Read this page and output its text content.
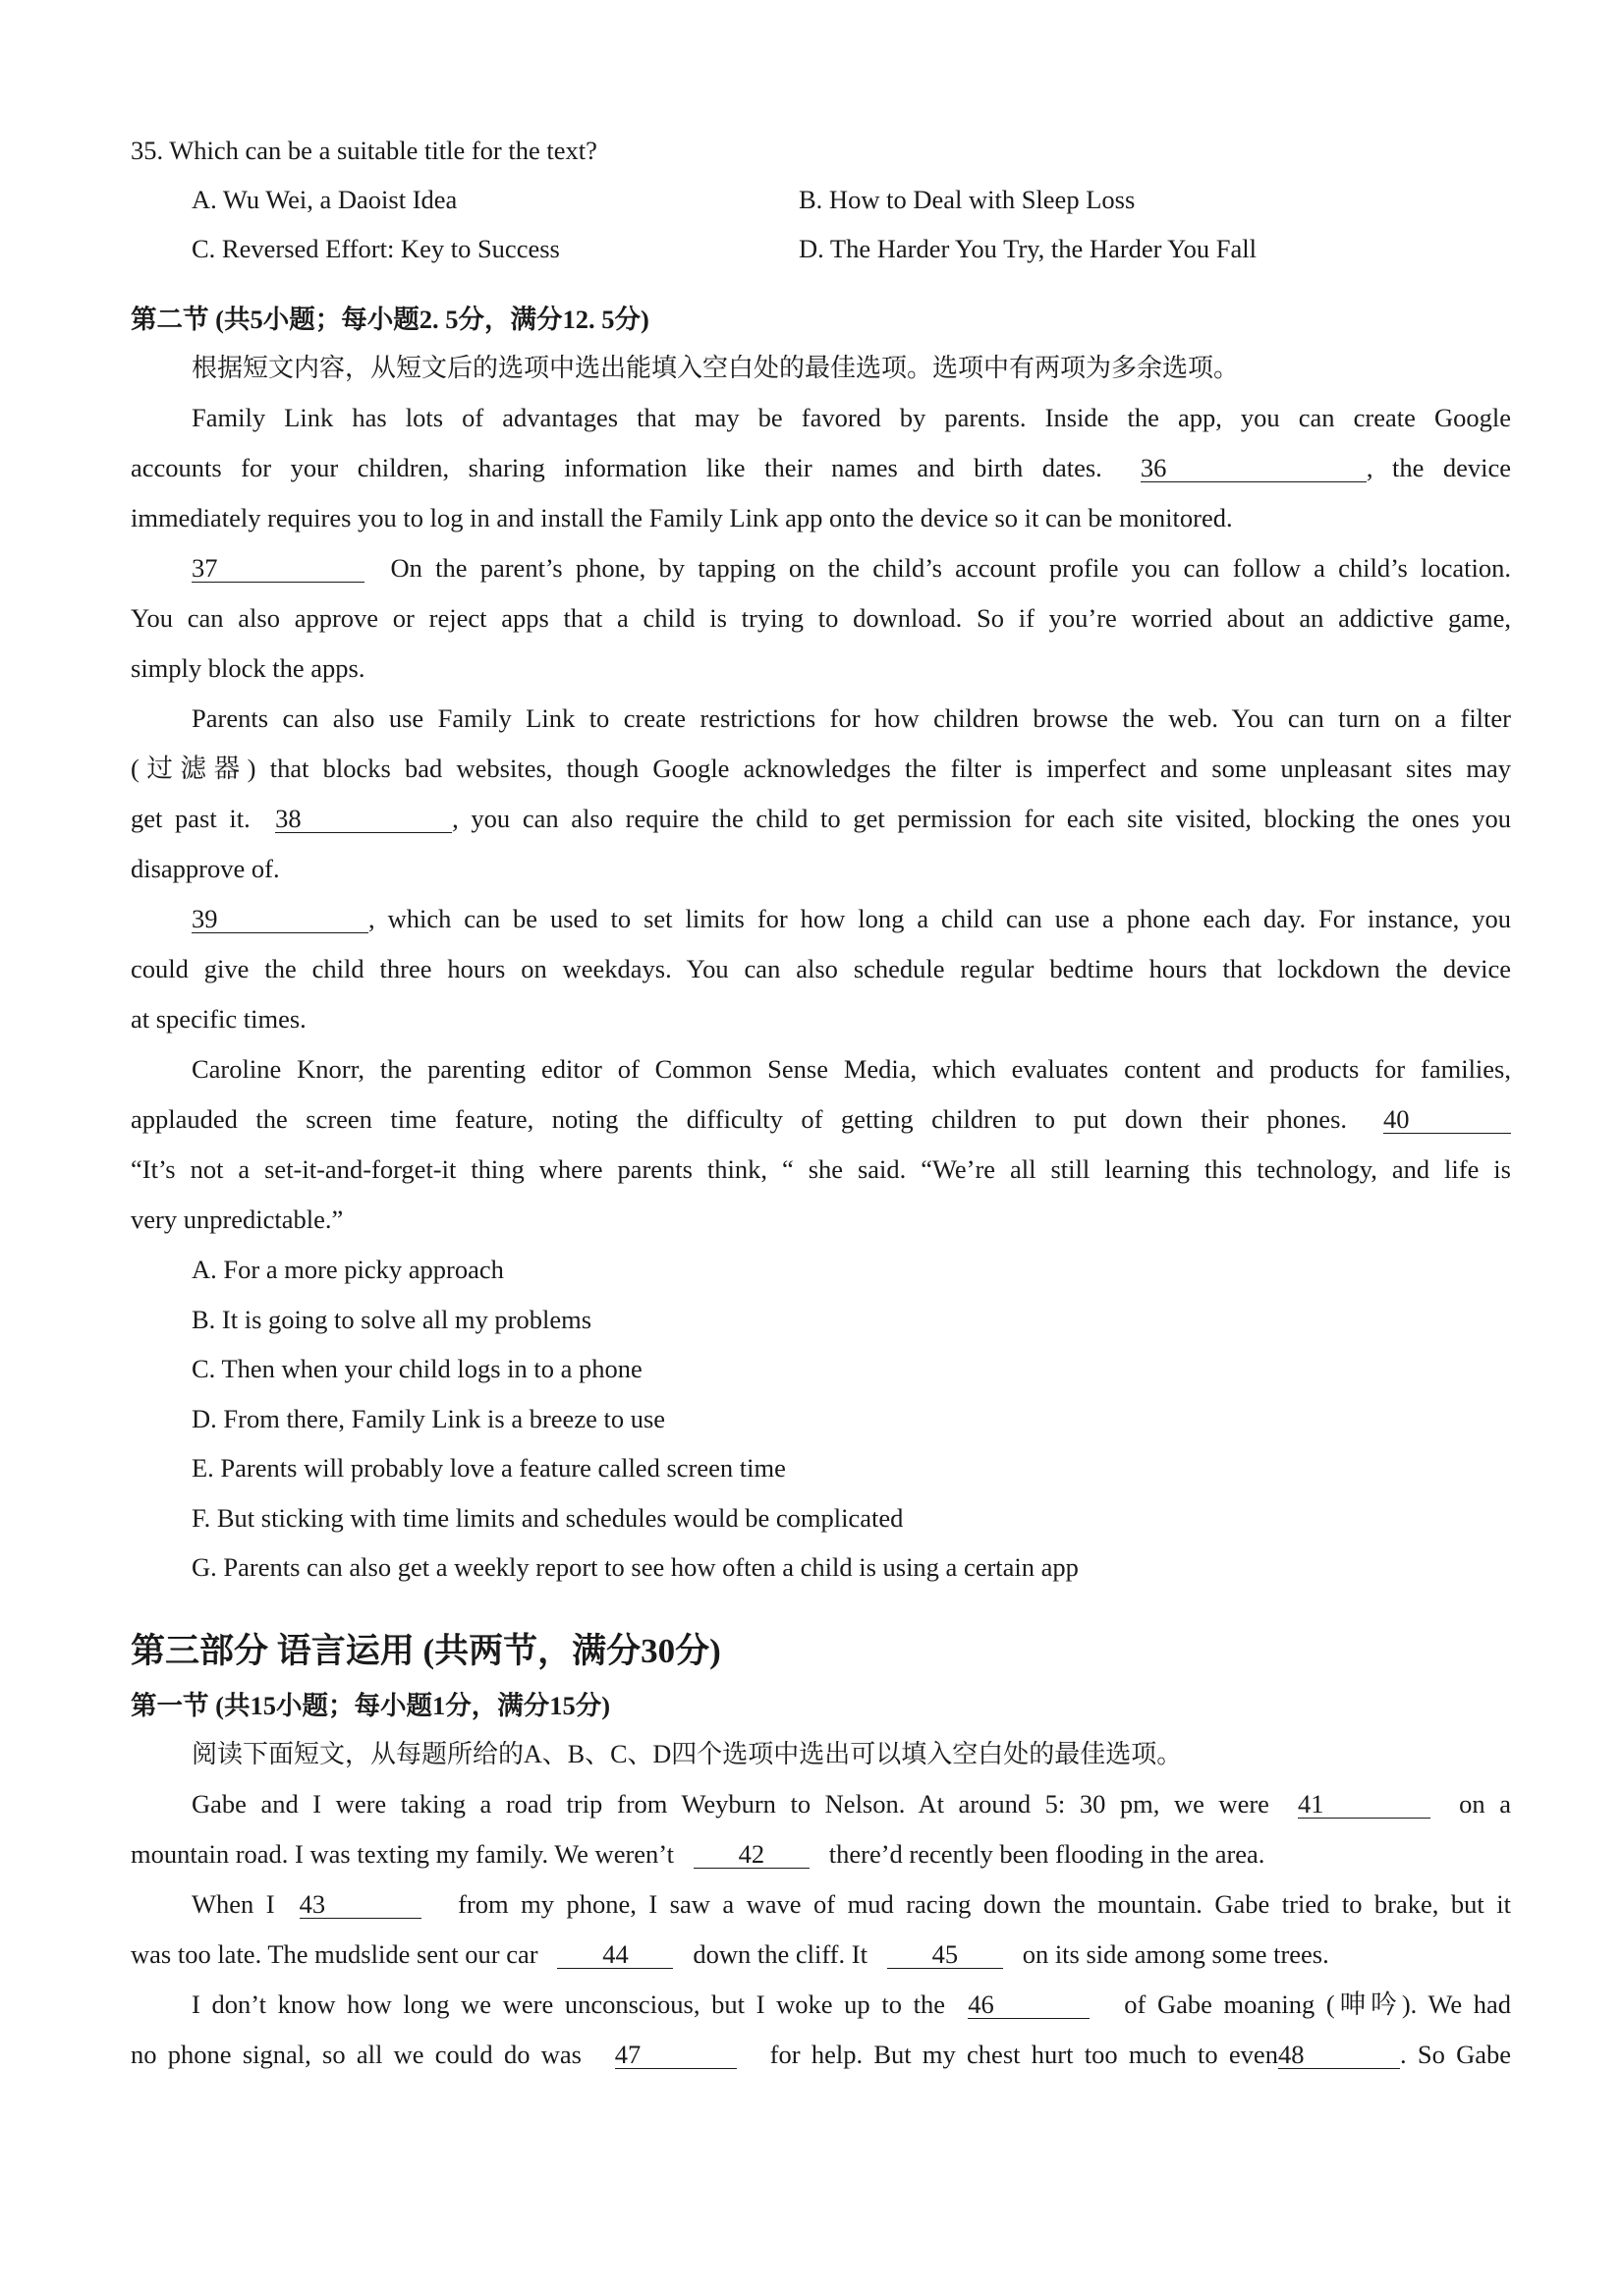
35. Which can be a suitable title for the text?
A. Wu Wei, a Daoist Idea	B. How to Deal with Sleep Loss
C. Reversed Effort: Key to Success	D. The Harder You Try, the Harder You Fall
第二节 (共5小题；每小题2. 5分，满分12. 5分)
根据短文内容，从短文后的选项中选出能填入空白处的最佳选项。选项中有两项为多余选项。
Family Link has lots of advantages that may be favored by parents. Inside the app, you can create Google
accounts for your children, sharing information like their names and birth dates. 36	, the device
immediately requires you to log in and install the Family Link app onto the device so it can be monitored.
37	On the parent’s phone, by tapping on the child’s account profile you can follow a child’s location.
You can also approve or reject apps that a child is trying to download. So if you’re worried about an addictive game,
simply block the apps.
Parents can also use Family Link to create restrictions for how children browse the web. You can turn on a filter
(过滤器) that blocks bad websites, though Google acknowledges the filter is imperfect and some unpleasant sites may
get past it. 38	, you can also require the child to get permission for each site visited, blocking the ones you
disapprove of.
39	, which can be used to set limits for how long a child can use a phone each day. For instance, you
could give the child three hours on weekdays. You can also schedule regular bedtime hours that lockdown the device
at specific times.
Caroline Knorr, the parenting editor of Common Sense Media, which evaluates content and products for families,
applauded the screen time feature, noting the difficulty of getting children to put down their phones. 40
“It’s not a set-it-and-forget-it thing where parents think, “ she said. “We’re all still learning this technology, and life is
very unpredictable.”
A. For a more picky approach
B. It is going to solve all my problems
C. Then when your child logs in to a phone
D. From there, Family Link is a breeze to use
E. Parents will probably love a feature called screen time
F. But sticking with time limits and schedules would be complicated
G. Parents can also get a weekly report to see how often a child is using a certain app
第三部分 语言运用 (共两节，满分30分)
第一节 (共15小题；每小题1分，满分15分)
阅读下面短文，从每题所给的A、B、C、D四个选项中选出可以填入空白处的最佳选项。
Gabe and I were taking a road trip from Weyburn to Nelson. At around 5: 30 pm, we were 41	on a
mountain road. I was texting my family. We weren’t 42 there’d recently been flooding in the area.
When I 43	from my phone, I saw a wave of mud racing down the mountain. Gabe tried to brake, but it
was too late. The mudslide sent our car 44 down the cliff. It 45 on its side among some trees.
I don’t know how long we were unconscious, but I woke up to the 46	of Gabe moaning (呻吟). We had
no phone signal, so all we could do was 47	for help. But my chest hurt too much to even48	. So Gabe
